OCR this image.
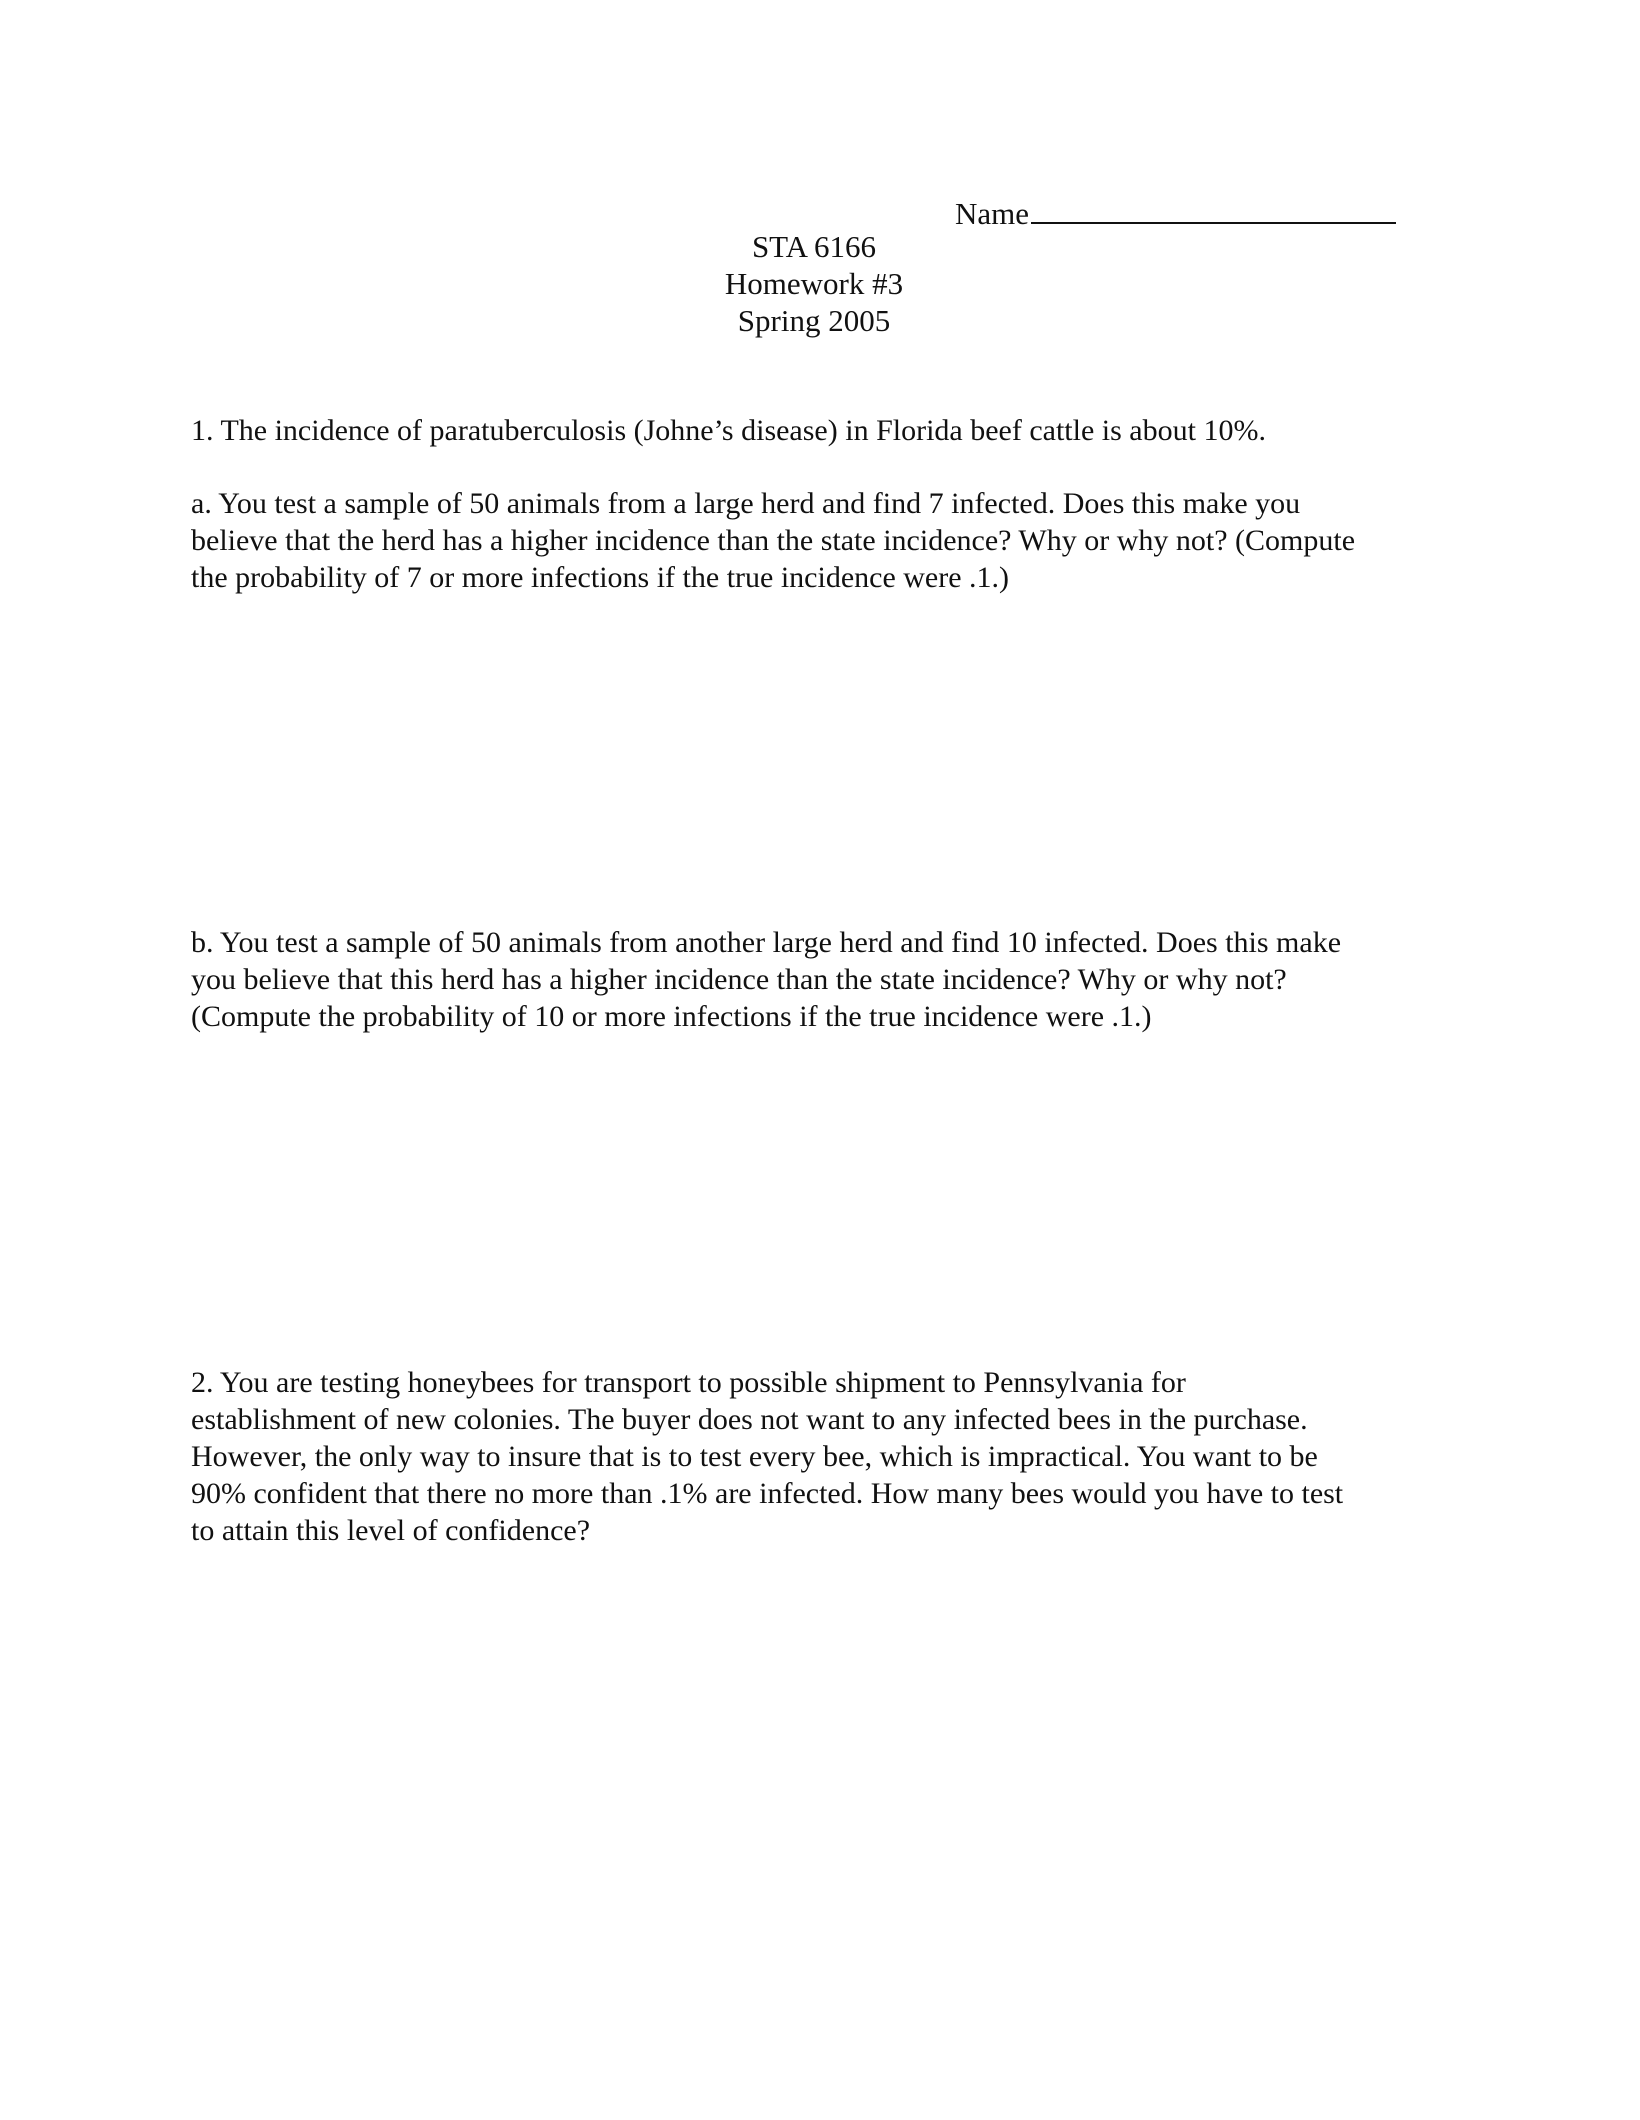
Name
STA 6166
Homework #3
Spring 2005
1. The incidence of paratuberculosis (Johne’s disease) in Florida beef cattle is about 10%.
a. You test a sample of 50 animals from a large herd and find 7 infected. Does this make you
believe that the herd has a higher incidence than the state incidence? Why or why not? (Compute
the probability of 7 or more infections if the true incidence were .1.)
b. You test a sample of 50 animals from another large herd and find 10 infected. Does this make
you believe that this herd has a higher incidence than the state incidence? Why or why not?
(Compute the probability of 10 or more infections if the true incidence were .1.)
2. You are testing honeybees for transport to possible shipment to Pennsylvania for
establishment of new colonies. The buyer does not want to any infected bees in the purchase.
However, the only way to insure that is to test every bee, which is impractical. You want to be
90% confident that there no more than .1% are infected. How many bees would you have to test
to attain this level of confidence?
